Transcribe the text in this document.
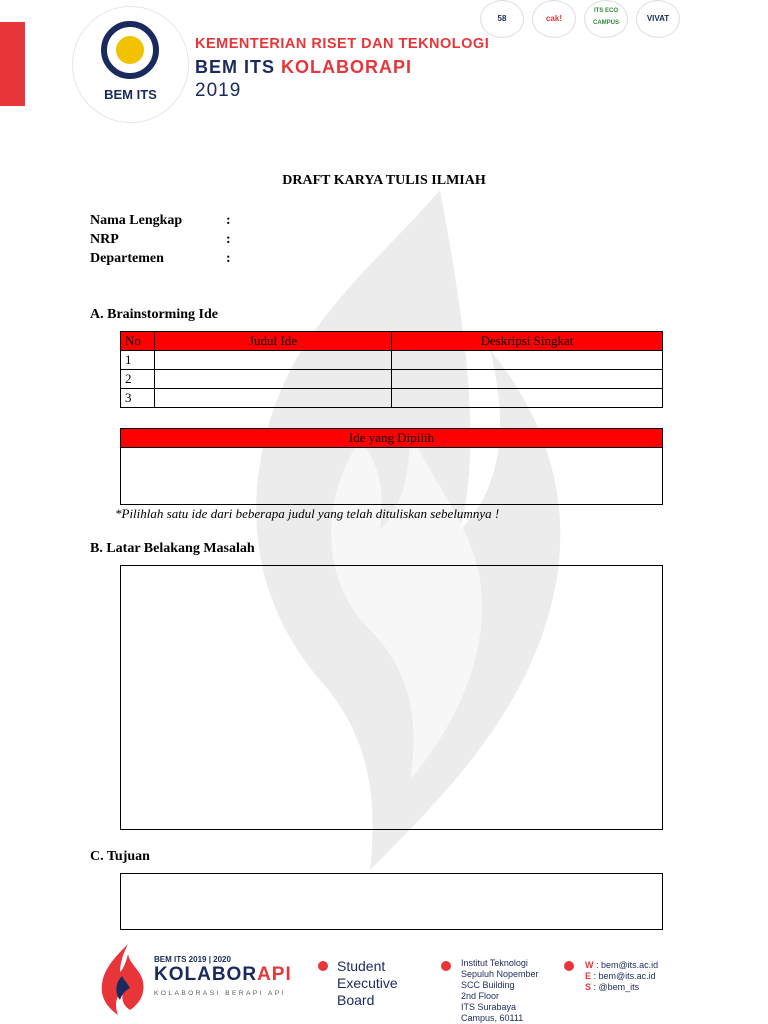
BEM ITS
KEMENTERIAN RISET DAN TEKNOLOGI
BEM ITS KOLABORAPI
2019
58	cak!
ITS ECO CAMPUS	VIVAT
DRAFT KARYA TULIS ILMIAH
Nama Lengkap	:
NRP	:
Departemen	:
A. Brainstorming Ide
No	Judul Ide	Deskripsi Singkat
1		
2		
3		
Ide yang Dipilih

*Pilihlah satu ide dari beberapa judul yang telah dituliskan sebelumnya !
B. Latar Belakang Masalah
C. Tujuan
BEM ITS 2019 | 2020
KOLABORAPI
KOLABORASI BERAPI API
Student
Executive
Board
Institut Teknologi
Sepuluh Nopember
SCC Building
2nd Floor
ITS Surabaya
Campus, 60111
W : bem@its.ac.id
E : bem@its.ac.id
S : @bem_its
